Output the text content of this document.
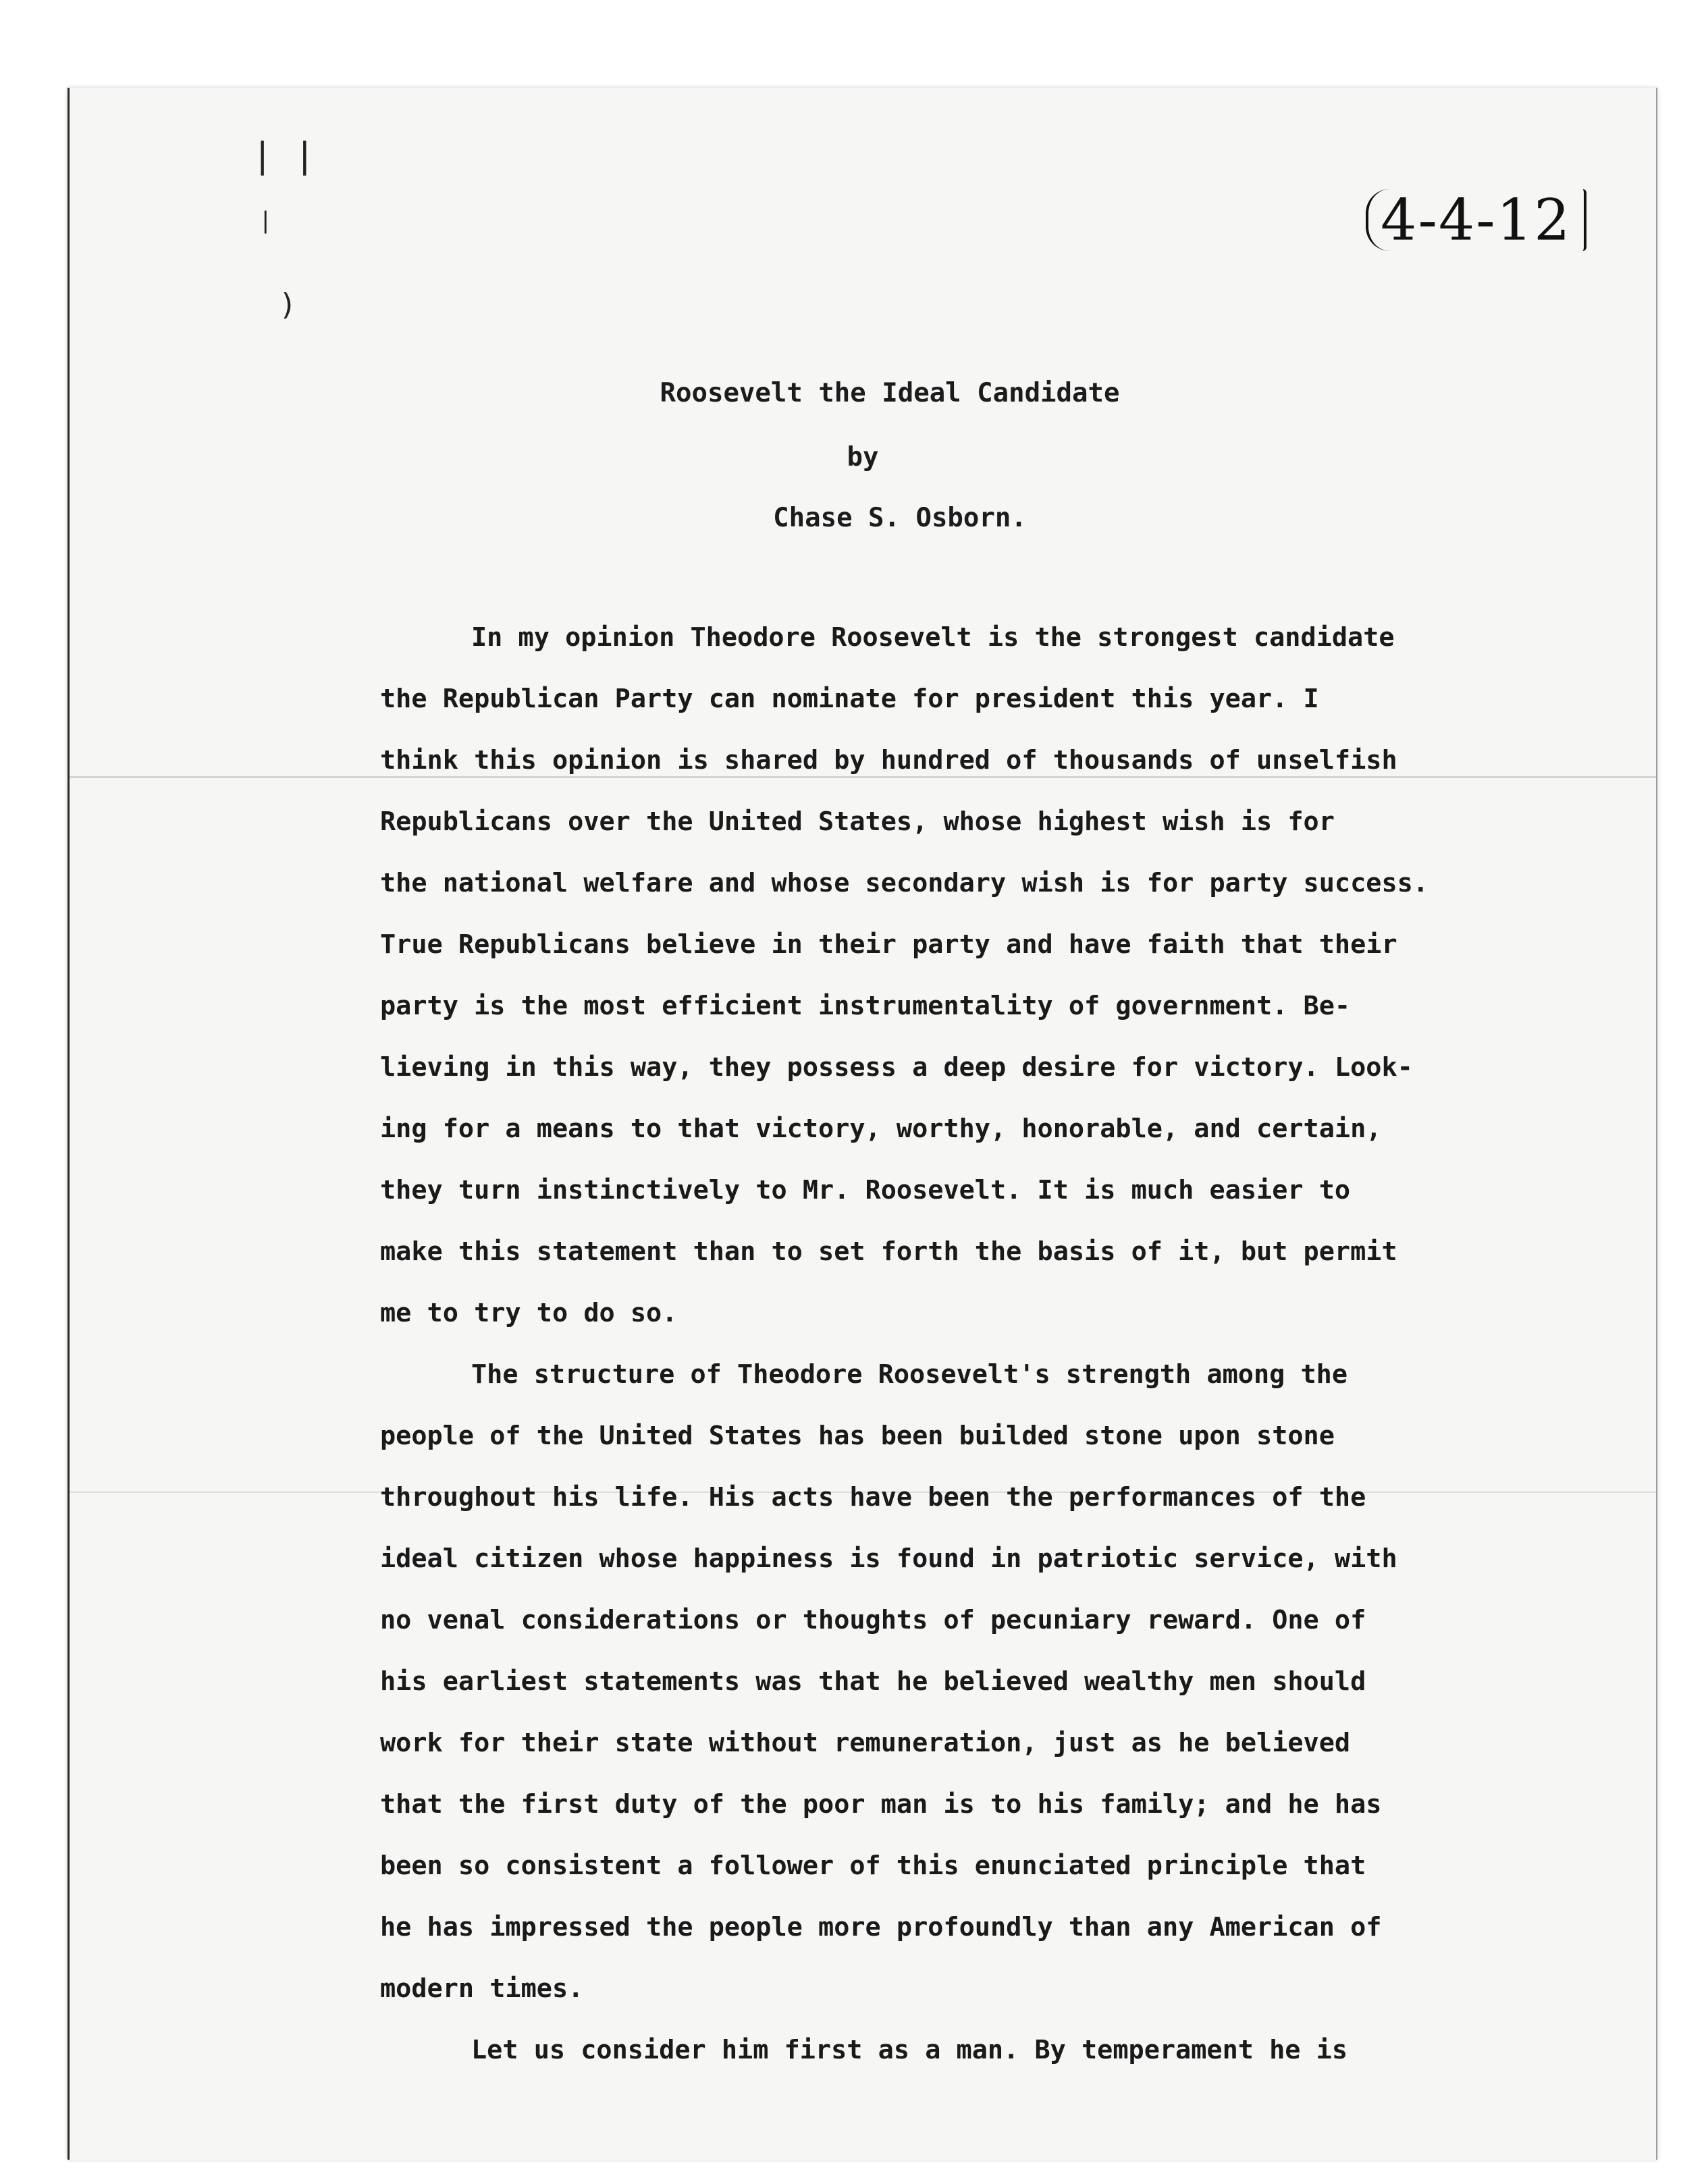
| |
|
)
4-4-12
Roosevelt the Ideal Candidate
by
Chase S. Osborn.
In my opinion Theodore Roosevelt is the strongest candidate
the Republican Party can nominate for president this year. I
think this opinion is shared by hundred of thousands of unselfish
Republicans over the United States, whose highest wish is for
the national welfare and whose secondary wish is for party success.
True Republicans believe in their party and have faith that their
party is the most efficient instrumentality of government. Be-
lieving in this way, they possess a deep desire for victory. Look-
ing for a means to that victory, worthy, honorable, and certain,
they turn instinctively to Mr. Roosevelt. It is much easier to
make this statement than to set forth the basis of it, but permit
me to try to do so.
The structure of Theodore Roosevelt's strength among the
people of the United States has been builded stone upon stone
throughout his life. His acts have been the performances of the
ideal citizen whose happiness is found in patriotic service, with
no venal considerations or thoughts of pecuniary reward. One of
his earliest statements was that he believed wealthy men should
work for their state without remuneration, just as he believed
that the first duty of the poor man is to his family; and he has
been so consistent a follower of this enunciated principle that
he has impressed the people more profoundly than any American of
modern times.
Let us consider him first as a man. By temperament he is
